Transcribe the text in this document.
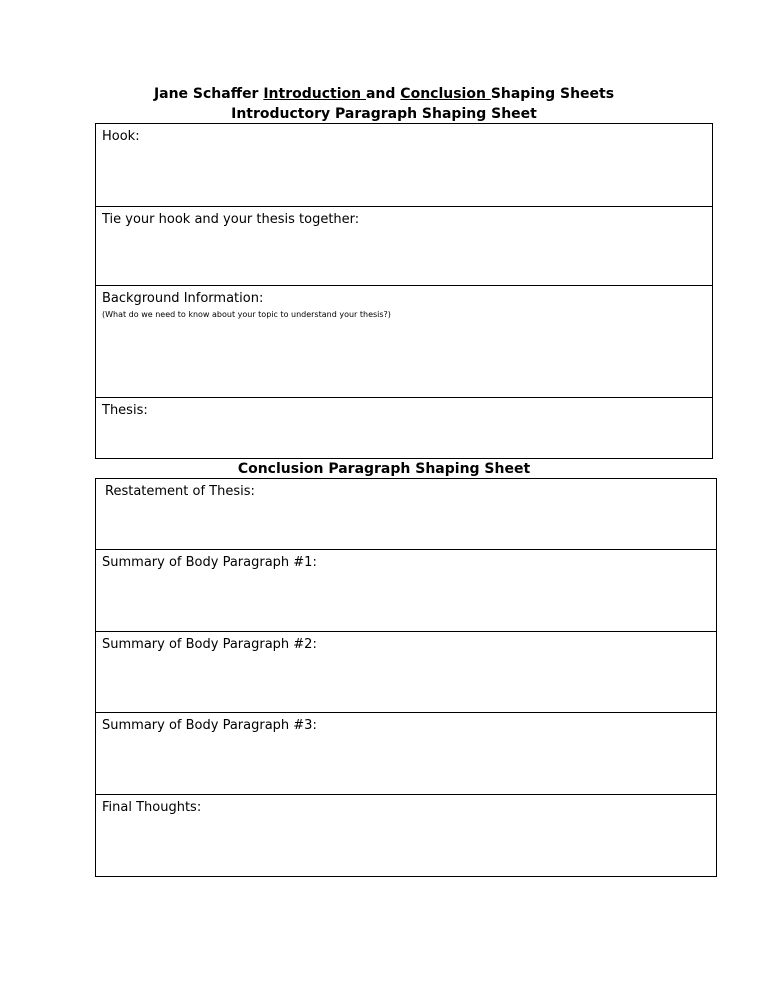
Jane Schaffer Introduction and Conclusion Shaping Sheets
Introductory Paragraph Shaping Sheet
Hook:
Tie your hook and your thesis together:
Background Information:
(What do we need to know about your topic to understand your thesis?)
Thesis:
Conclusion Paragraph Shaping Sheet
Restatement of Thesis:
Summary of Body Paragraph #1:
Summary of Body Paragraph #2:
Summary of Body Paragraph #3:
Final Thoughts:
